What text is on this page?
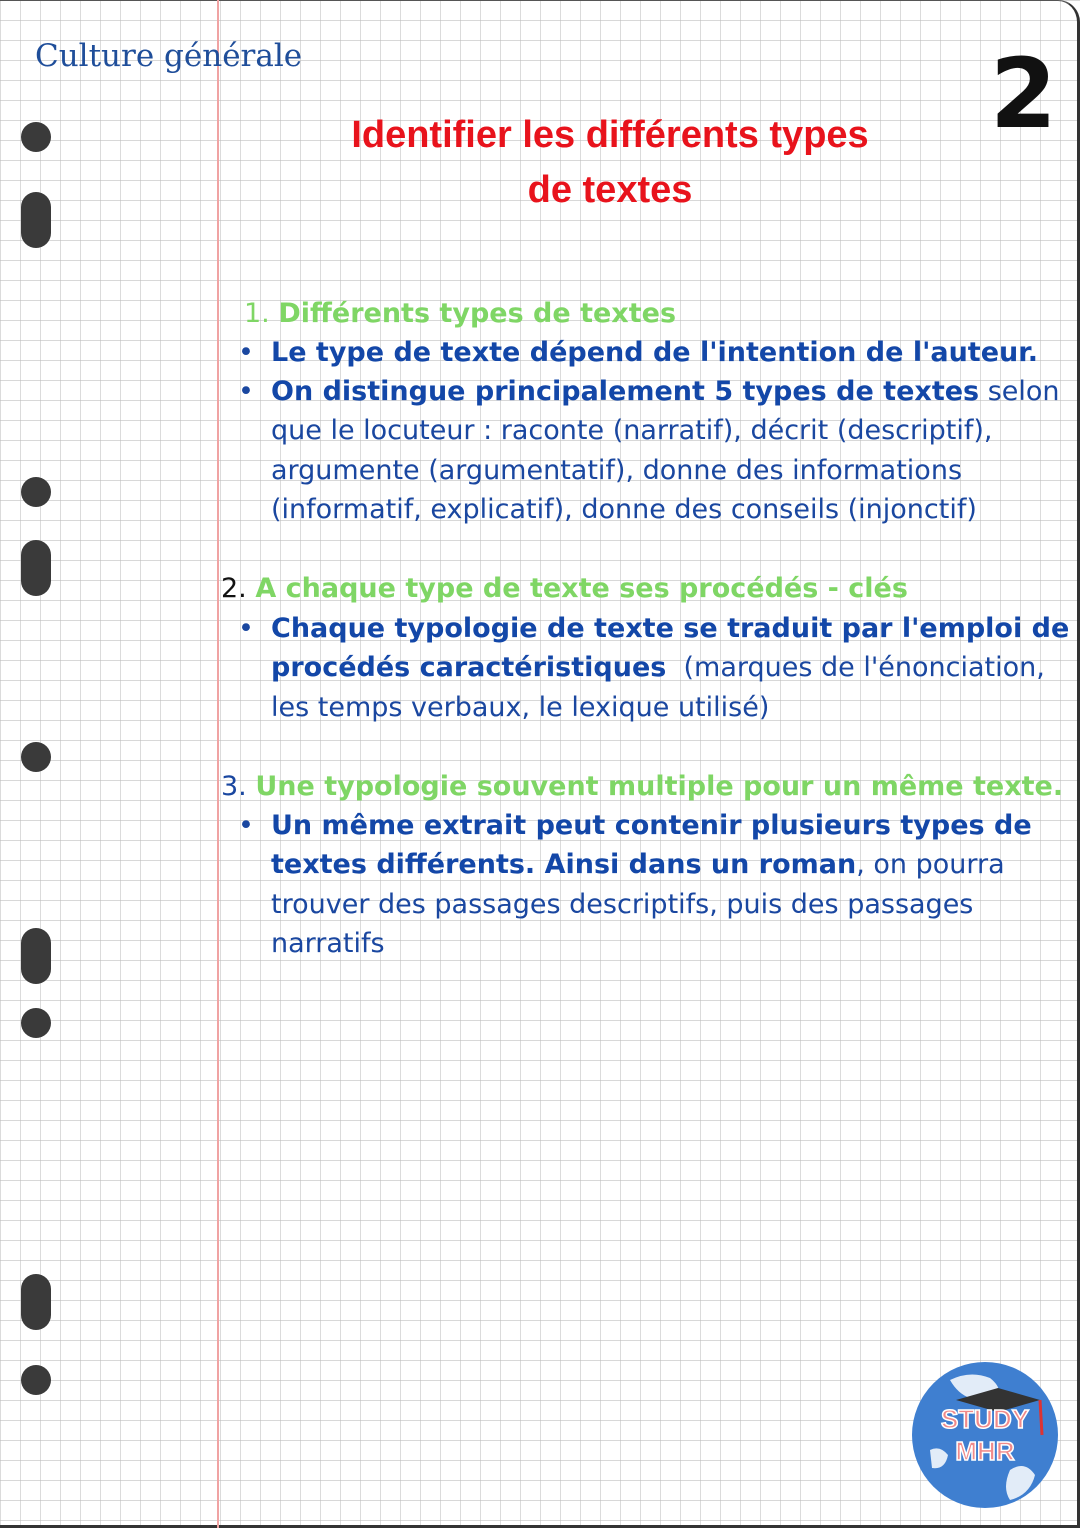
Culture générale	2
Identifier les différents types
de textes
1. Différents types de textes
• Le type de texte dépend de l'intention de l'auteur.
• On distingue principalement 5 types de textes selon
que le locuteur : raconte (narratif), décrit (descriptif),
argumente (argumentatif), donne des informations
(informatif, explicatif), donne des conseils (injonctif)
2. A chaque type de texte ses procédés - clés
• Chaque typologie de texte se traduit par l'emploi de
procédés caractéristiques  (marques de l'énonciation,
les temps verbaux, le lexique utilisé)
3. Une typologie souvent multiple pour un même texte.
• Un même extrait peut contenir plusieurs types de
textes différents. Ainsi dans un roman, on pourra
trouver des passages descriptifs, puis des passages
narratifs
STUDY
MHR
